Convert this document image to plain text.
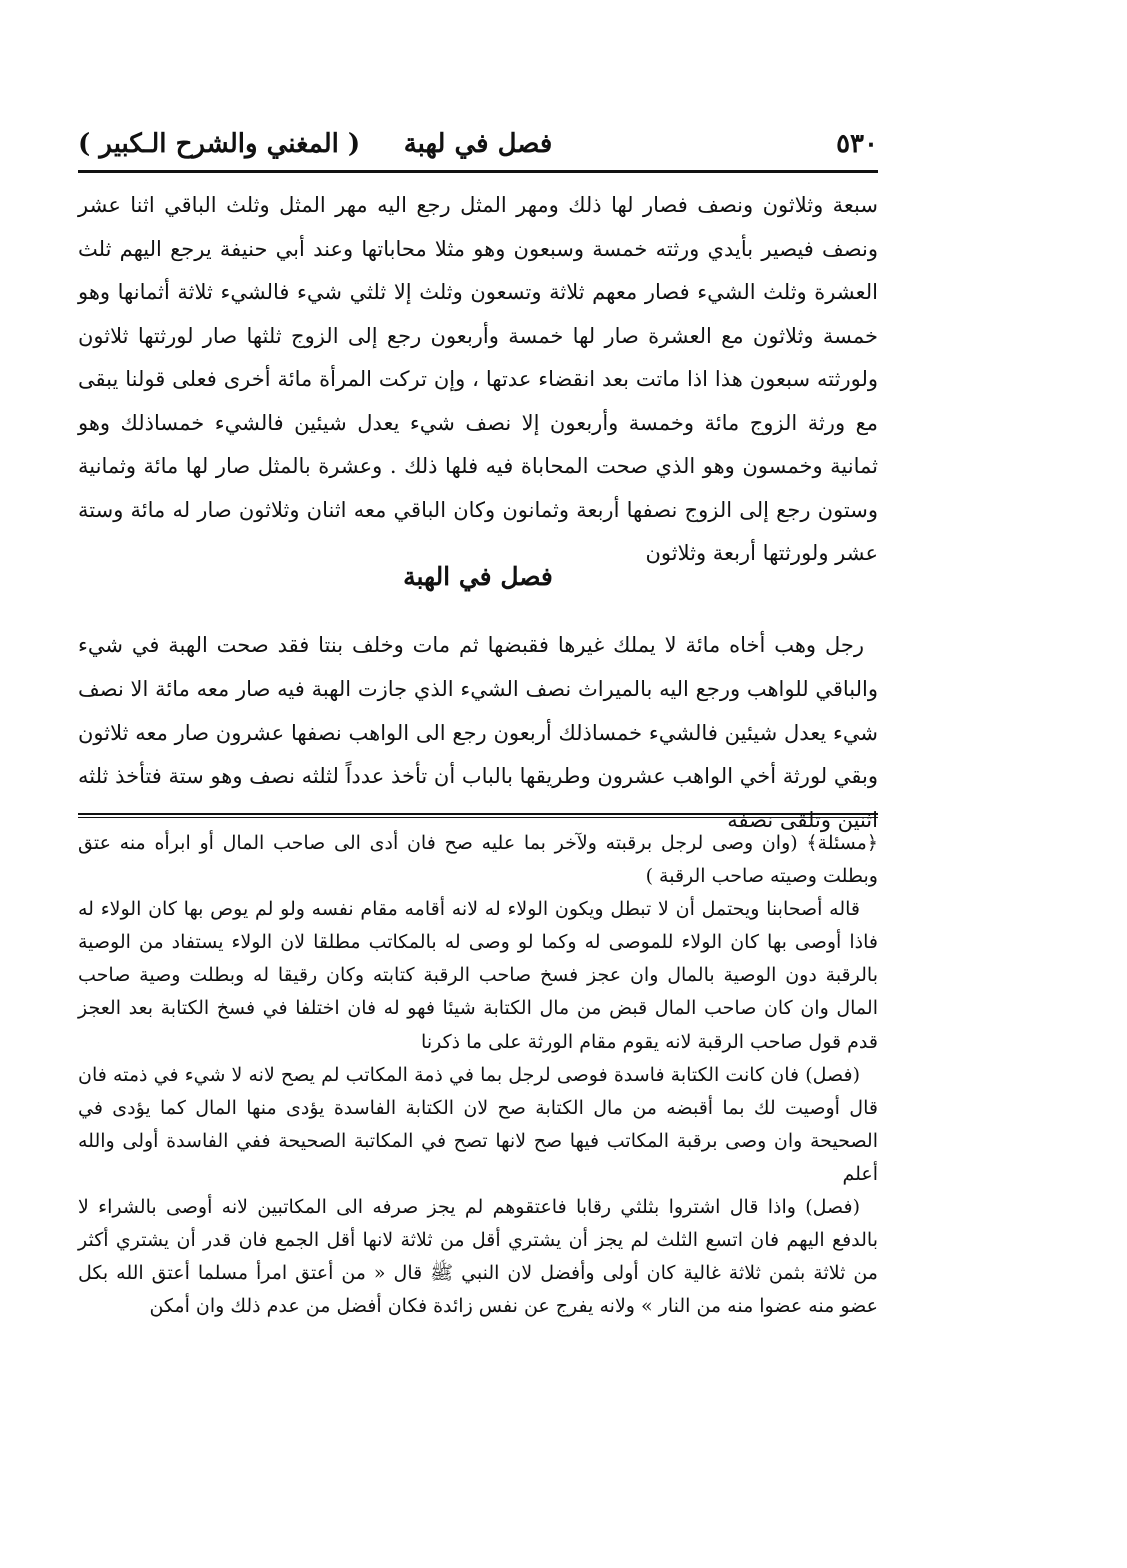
٥٣٠
فصل في لهبة
( المغني والشرح الـكبير )

سبعة وثلاثون ونصف فصار لها ذلك ومهر المثل رجع اليه مهر المثل وثلث الباقي اثنا عشر ونصف فيصير بأيدي ورثته خمسة وسبعون وهو مثلا محاباتها وعند أبي حنيفة يرجع اليهم ثلث العشرة وثلث الشيء فصار معهم ثلاثة وتسعون وثلث إلا ثلثي شيء فالشيء ثلاثة أثمانها وهو خمسة وثلاثون مع العشرة صار لها خمسة وأربعون رجع إلى الزوج ثلثها صار لورثتها ثلاثون ولورثته سبعون هذا اذا ماتت بعد انقضاء عدتها ، وإن تركت المرأة مائة أخرى فعلى قولنا يبقى مع ورثة الزوج مائة وخمسة وأربعون إلا نصف شيء يعدل شيئين فالشيء خمساذلك وهو ثمانية وخمسون وهو الذي صحت المحاباة فيه فلها ذلك . وعشرة بالمثل صار لها مائة وثمانية وستون رجع إلى الزوج نصفها أربعة وثمانون وكان الباقي معه اثنان وثلاثون صار له مائة وستة عشر ولورثتها أربعة وثلاثون

فصل في الهبة

رجل وهب أخاه مائة لا يملك غيرها فقبضها ثم مات وخلف بنتا فقد صحت الهبة في شيء والباقي للواهب ورجع اليه بالميراث نصف الشيء الذي جازت الهبة فيه صار معه مائة الا نصف شيء يعدل شيئين فالشيء خمساذلك أربعون رجع الى الواهب نصفها عشرون صار معه ثلاثون وبقي لورثة أخي الواهب عشرون وطريقها بالباب أن تأخذ عدداً لثلثه نصف وهو ستة فتأخذ ثلثه اثنين وتلقى نصفه

﴿مسئلة﴾ (وان وصى لرجل برقبته ولآخر بما عليه صح فان أدى الى صاحب المال أو ابرأه منه عتق وبطلت وصيته صاحب الرقبة )

قاله أصحابنا ويحتمل أن لا تبطل ويكون الولاء له لانه أقامه مقام نفسه ولو لم يوص بها كان الولاء له فاذا أوصى بها كان الولاء للموصى له وكما لو وصى له بالمكاتب مطلقا لان الولاء يستفاد من الوصية بالرقبة دون الوصية بالمال وان عجز فسخ صاحب الرقبة كتابته وكان رقيقا له وبطلت وصية صاحب المال وان كان صاحب المال قبض من مال الكتابة شيئا فهو له فان اختلفا في فسخ الكتابة بعد العجز قدم قول صاحب الرقبة لانه يقوم مقام الورثة على ما ذكرنا

(فصل) فان كانت الكتابة فاسدة فوصى لرجل بما في ذمة المكاتب لم يصح لانه لا شيء في ذمته فان قال أوصيت لك بما أقبضه من مال الكتابة صح لان الكتابة الفاسدة يؤدى منها المال كما يؤدى في الصحيحة وان وصى برقبة المكاتب فيها صح لانها تصح في المكاتبة الصحيحة ففي الفاسدة أولى والله أعلم

(فصل) واذا قال اشتروا بثلثي رقابا فاعتقوهم لم يجز صرفه الى المكاتبين لانه أوصى بالشراء لا بالدفع اليهم فان اتسع الثلث لم يجز أن يشتري أقل من ثلاثة لانها أقل الجمع فان قدر أن يشتري أكثر من ثلاثة بثمن ثلاثة غالية كان أولى وأفضل لان النبي ﷺ قال « من أعتق امرأ مسلما أعتق الله بكل عضو منه عضوا منه من النار » ولانه يفرج عن نفس زائدة فكان أفضل من عدم ذلك وان أمكن
